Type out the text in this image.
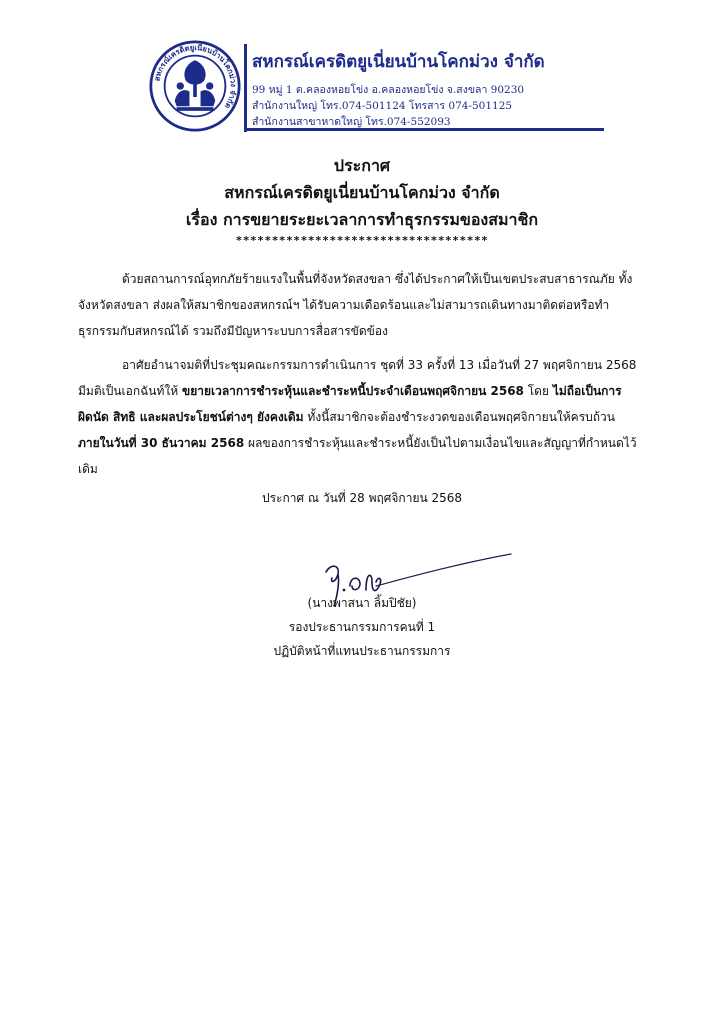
สหกรณ์เครดิตยูเนี่ยนบ้านโคกม่วง จำกัด
สหกรณ์เครดิตยูเนี่ยนบ้านโคกม่วง จำกัด
99 หมู่ 1 ต.คลองหอยโข่ง อ.คลองหอยโข่ง จ.สงขลา 90230
สำนักงานใหญ่ โทร.074-501124 โทรสาร 074-501125
สำนักงานสาขาหาดใหญ่ โทร.074-552093
ประกาศ
สหกรณ์เครดิตยูเนี่ยนบ้านโคกม่วง จำกัด
เรื่อง การขยายระยะเวลาการทำธุรกรรมของสมาชิก
***********************************
ด้วยสถานการณ์อุทกภัยร้ายแรงในพื้นที่จังหวัดสงขลา ซึ่งได้ประกาศให้เป็นเขตประสบสาธารณภัย ทั้ง
จังหวัดสงขลา ส่งผลให้สมาชิกของสหกรณ์ฯ ได้รับความเดือดร้อนและไม่สามารถเดินทางมาติดต่อหรือทำ
ธุรกรรมกับสหกรณ์ได้ รวมถึงมีปัญหาระบบการสื่อสารขัดข้อง
อาศัยอำนาจมติที่ประชุมคณะกรรมการดำเนินการ ชุดที่ 33 ครั้งที่ 13 เมื่อวันที่ 27 พฤศจิกายน 2568
มีมติเป็นเอกฉันท์ให้ ขยายเวลาการชำระหุ้นและชำระหนี้ประจำเดือนพฤศจิกายน 2568 โดย ไม่ถือเป็นการ
ผิดนัด สิทธิ และผลประโยชน์ต่างๆ ยังคงเดิม ทั้งนี้สมาชิกจะต้องชำระงวดของเดือนพฤศจิกายนให้ครบถ้วน
ภายในวันที่ 30 ธันวาคม 2568 ผลของการชำระหุ้นและชำระหนี้ยังเป็นไปตามเงื่อนไขและสัญญาที่กำหนดไว้
เดิม
ประกาศ ณ วันที่ 28 พฤศจิกายน 2568
(นางพาสนา ลิ้มปิชัย)
รองประธานกรรมการคนที่ 1
ปฏิบัติหน้าที่แทนประธานกรรมการ
